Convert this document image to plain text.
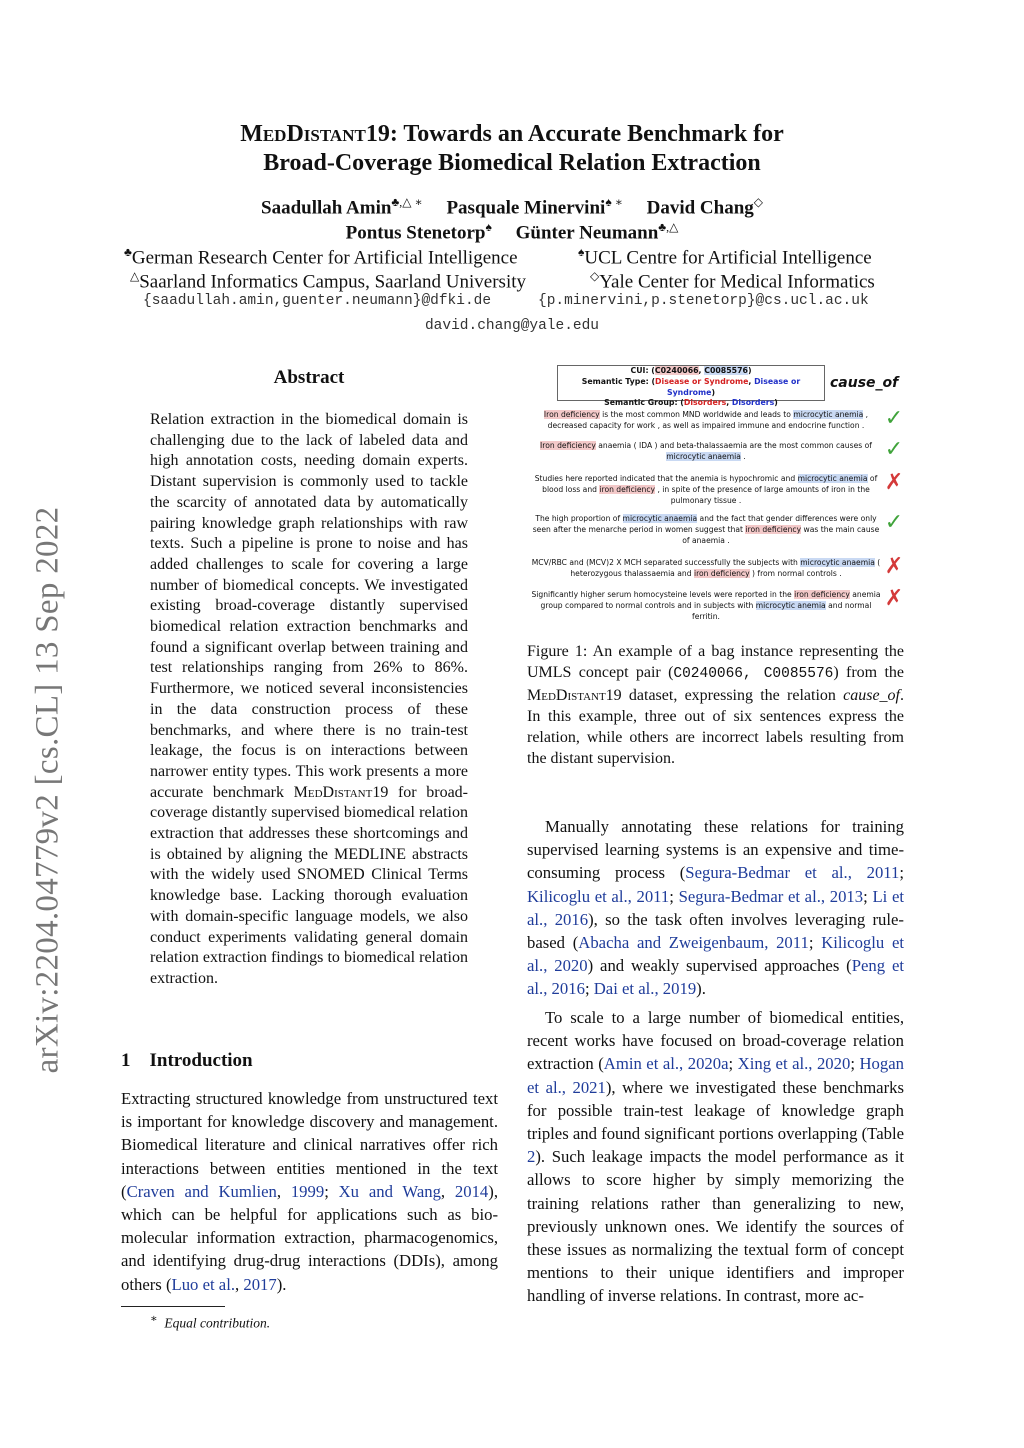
MedDistant19: Towards an Accurate Benchmark for
Broad-Coverage Biomedical Relation Extraction
Saadullah Amin♣,△ ∗ Pasquale Minervini♠ ∗ David Chang◇
Pontus Stenetorp♠ Günter Neumann♣,△
♣German Research Center for Artificial Intelligence	♠UCL Centre for Artificial Intelligence
△Saarland Informatics Campus, Saarland University	◇Yale Center for Medical Informatics
{saadullah.amin,guenter.neumann}@dfki.de	{p.minervini,p.stenetorp}@cs.ucl.ac.uk
david.chang@yale.edu
arXiv:2204.04779v2 [cs.CL] 13 Sep 2022
Abstract
Relation extraction in the biomedical domain is challenging due to the lack of labeled data and high annotation costs, needing domain experts. Distant supervision is commonly used to tackle the scarcity of annotated data by automatically pairing knowledge graph relationships with raw texts. Such a pipeline is prone to noise and has added challenges to scale for covering a large number of biomedical concepts. We investigated existing broad-coverage distantly supervised biomedical relation extraction benchmarks and found a significant overlap between training and test relationships ranging from 26% to 86%. Furthermore, we noticed several inconsistencies in the data construction process of these benchmarks, and where there is no train-test leakage, the focus is on interactions between narrower entity types. This work presents a more accurate benchmark MedDistant19 for broad-coverage distantly supervised biomedical relation extraction that addresses these shortcomings and is obtained by aligning the MEDLINE abstracts with the widely used SNOMED Clinical Terms knowledge base. Lacking thorough evaluation with domain-specific language models, we also conduct experiments validating general domain relation extraction findings to biomedical relation extraction.
1 Introduction
Extracting structured knowledge from unstructured text is important for knowledge discovery and management. Biomedical literature and clinical narratives offer rich interactions between entities mentioned in the text (Craven and Kumlien, 1999; Xu and Wang, 2014), which can be helpful for applications such as bio-molecular information extraction, pharmacogenomics, and identifying drug-drug interactions (DDIs), among others (Luo et al., 2017).
∗ Equal contribution.
CUI: (C0240066, C0085576)
Semantic Type: (Disease or Syndrome, Disease or Syndrome)
Semantic Group: (Disorders, Disorders)
cause_of
Iron deficiency is the most common MND worldwide and leads to microcytic anemia , decreased capacity for work , as well as impaired immune and endocrine function . ✓
Iron deficiency anaemia ( IDA ) and beta-thalassaemia are the most common causes of microcytic anaemia .	✓
Studies here reported indicated that the anemia is hypochromic and microcytic anemia of blood loss and iron deficiency , in spite of the presence of large amounts of iron in the pulmonary tissue .
✗
The high proportion of microcytic anaemia and the fact that gender differences were only seen after the menarche period in women suggest that iron deficiency was the main cause of anaemia .
✓
MCV/RBC and (MCV)2 X MCH separated successfully the subjects with microcytic anaemia ( heterozygous thalassaemia and iron deficiency ) from normal controls .	✗
Significantly higher serum homocysteine levels were reported in the iron deficiency anemia group compared to normal controls and in subjects with microcytic anemia and normal ferritin.
✗
Figure 1: An example of a bag instance representing the UMLS concept pair (C0240066, C0085576) from the MedDistant19 dataset, expressing the relation cause_of. In this example, three out of six sentences express the relation, while others are incorrect labels resulting from the distant supervision.

Manually annotating these relations for training supervised learning systems is an expensive and time-consuming process (Segura-Bedmar et al., 2011; Kilicoglu et al., 2011; Segura-Bedmar et al., 2013; Li et al., 2016), so the task often involves leveraging rule-based (Abacha and Zweigenbaum, 2011; Kilicoglu et al., 2020) and weakly supervised approaches (Peng et al., 2016; Dai et al., 2019).

To scale to a large number of biomedical entities, recent works have focused on broad-coverage relation extraction (Amin et al., 2020a; Xing et al., 2020; Hogan et al., 2021), where we investigated these benchmarks for possible train-test leakage of knowledge graph triples and found significant portions overlapping (Table 2). Such leakage impacts the model performance as it allows to score higher by simply memorizing the training relations rather than generalizing to new, previously unknown ones. We identify the sources of these issues as normalizing the textual form of concept mentions to their unique identifiers and improper handling of inverse relations. In contrast, more ac-
